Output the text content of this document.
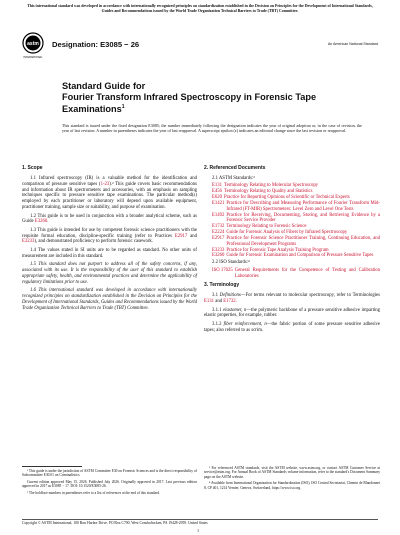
This international standard was developed in accordance with internationally recognized principles on standardization established in the Decision on Principles for the Development of International Standards, Guides and Recommendations issued by the World Trade Organization Technical Barriers to Trade (TBT) Committee.
astm
INTERNATIONAL
Designation: E3085 − 26	An American National Standard
Standard Guide for
Fourier Transform Infrared Spectroscopy in Forensic Tape
Examinations$^1$
This standard is issued under the fixed designation E3085; the number immediately following the designation indicates the year of original adoption or, in the case of revision, the year of last revision. A number in parentheses indicates the year of last reapproval. A superscript epsilon (ε) indicates an editorial change since the last revision or reapproval.
1. Scope

1.1 Infrared spectroscopy (IR) is a valuable method for the identification and comparison of pressure sensitive tapes (1-23).² This guide covers basic recommendations and information about IR spectrometers and accessories, with an emphasis on sampling techniques specific to pressure sensitive tape examinations. The particular method(s) employed by each practitioner or laboratory will depend upon available equipment, practitioner training, sample size or suitability, and purpose of examination.

1.2 This guide is to be used in conjunction with a broader analytical scheme, such as Guide E3260.

1.3 This guide is intended for use by competent forensic science practitioners with the requisite formal education, discipline-specific training (refer to Practices E2917 and E3233), and demonstrated proficiency to perform forensic casework.

1.4 The values stated in SI units are to be regarded as standard. No other units of measurement are included in this standard.

1.5 This standard does not purport to address all of the safety concerns, if any, associated with its use. It is the responsibility of the user of this standard to establish appropriate safety, health, and environmental practices and determine the applicability of regulatory limitations prior to use.

1.6 This international standard was developed in accordance with internationally recognized principles on standardization established in the Decision on Principles for the Development of International Standards, Guides and Recommendations issued by the World Trade Organization Technical Barriers to Trade (TBT) Committee.

2. Referenced Documents
2.1 ASTM Standards:³
E131 Terminology Relating to Molecular Spectroscopy
E456 Terminology Relating to Quality and Statistics
E620 Practice for Reporting Opinions of Scientific or Technical Experts
E1421 Practice for Describing and Measuring Performance of Fourier Transform Mid-Infrared (FT-MIR) Spectrometers: Level Zero and Level One Tests
E1492 Practice for Receiving, Documenting, Storing, and Retrieving Evidence by a Forensic Service Provider
E1732 Terminology Relating to Forensic Science
E2224 Guide for Forensic Analysis of Fibers by Infrared Spectroscopy
E2917 Practice for Forensic Science Practitioner Training, Continuing Education, and Professional Development Programs
E3233 Practice for Forensic Tape Analysis Training Program
E3260 Guide for Forensic Examination and Comparison of Pressure Sensitive Tapes
2.2 ISO Standards:⁴
ISO 17025 General Requirements for the Competence of Testing and Calibration Laboratories
3. Terminology

3.1 Definitions—For terms relevant to molecular spectroscopy, refer to Terminologies E131 and E1732.

3.1.1 elastomer, n—the polymeric backbone of a pressure sensitive adhesive imparting elastic properties, for example, rubber.

3.1.2 fiber reinforcement, n—the fabric portion of some pressure sensitive adhesive tapes; also referred to as scrim.

¹ This guide is under the jurisdiction of ASTM Committee E30 on Forensic Sciences and is the direct responsibility of Subcommittee E30.01 on Criminalistics.
Current edition approved May 15, 2026. Published July 2026. Originally approved in 2017. Last previous edition approved in 2017 as E3085 − 17. DOI: 10.1520/E3085-26.
² The boldface numbers in parentheses refer to a list of references at the end of this standard.
³ For referenced ASTM standards, visit the ASTM website, www.astm.org, or contact ASTM Customer Service at service@astm.org. For Annual Book of ASTM Standards volume information, refer to the standard's Document Summary page on the ASTM website.
⁴ Available from International Organization for Standardization (ISO), ISO Central Secretariat, Chemin de Blandonnet 8, CP 401, 1214 Vernier, Geneva, Switzerland, https://www.iso.org.
Copyright © ASTM International, 100 Barr Harbor Drive, PO Box C700, West Conshohocken, PA 19428-2959. United States
1
